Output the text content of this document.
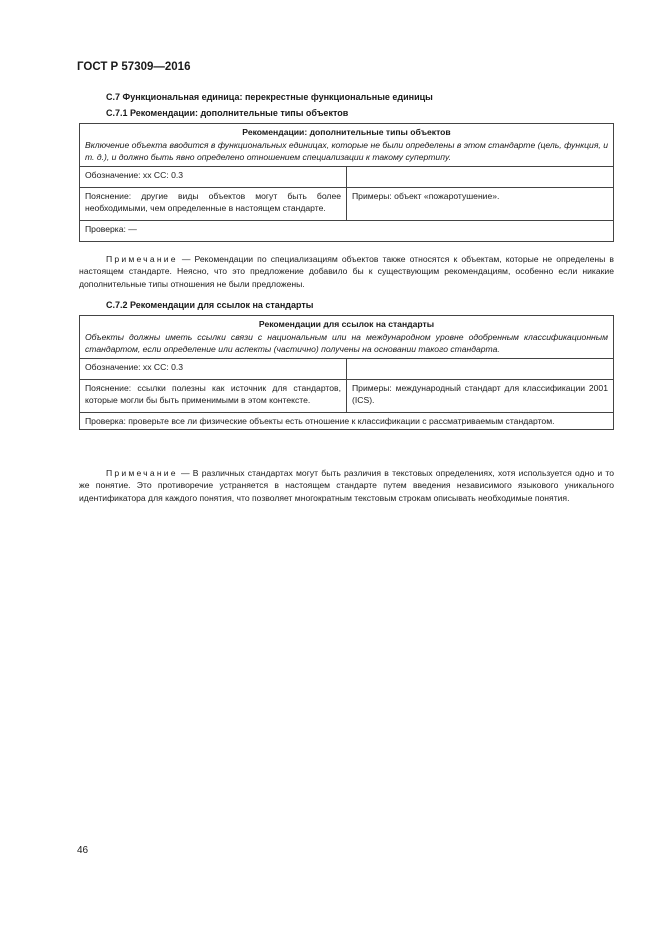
ГОСТ Р 57309—2016
С.7 Функциональная единица: перекрестные функциональные единицы
С.7.1 Рекомендации: дополнительные типы объектов
Рекомендации: дополнительные типы объектов
Включение объекта вводится в функциональных единицах, которые не были определены в этом стандарте (цель, функция, и т. д.), и должно быть явно определено отношением специализации к такому супертипу.	

Обозначение: хх СС: 0.3	
Пояснение: другие виды объектов могут быть более необходимыми, чем определенные в настоящем стандарте.	Примеры: объект «пожаротушение».
Проверка: —	

Примечание — Рекомендации по специализациям объектов также относятся к объектам, которые не определены в настоящем стандарте. Неясно, что это предложение добавило бы к существующим рекомендациям, особенно если никакие дополнительные типы отношения не были предложены.

С.7.2 Рекомендации для ссылок на стандарты
Рекомендации для ссылок на стандарты
Объекты должны иметь ссылки связи с национальным или на международном уровне одобренным классификационным стандартом, если определение или аспекты (частично) получены на основании такого стандарта.	

Обозначение: хх СС: 0.3	
Пояснение: ссылки полезны как источник для стандартов, которые могли бы быть применимыми в этом контексте.	Примеры: международный стандарт для классификации 2001 (ICS).
Проверка: проверьте все ли физические объекты есть отношение к классификации с рассматриваемым стандартом.	

Примечание — В различных стандартах могут быть различия в текстовых определениях, хотя используется одно и то же понятие. Это противоречие устраняется в настоящем стандарте путем введения независимого языкового уникального идентификатора для каждого понятия, что позволяет многократным текстовым строкам описывать необходимые понятия.

46
